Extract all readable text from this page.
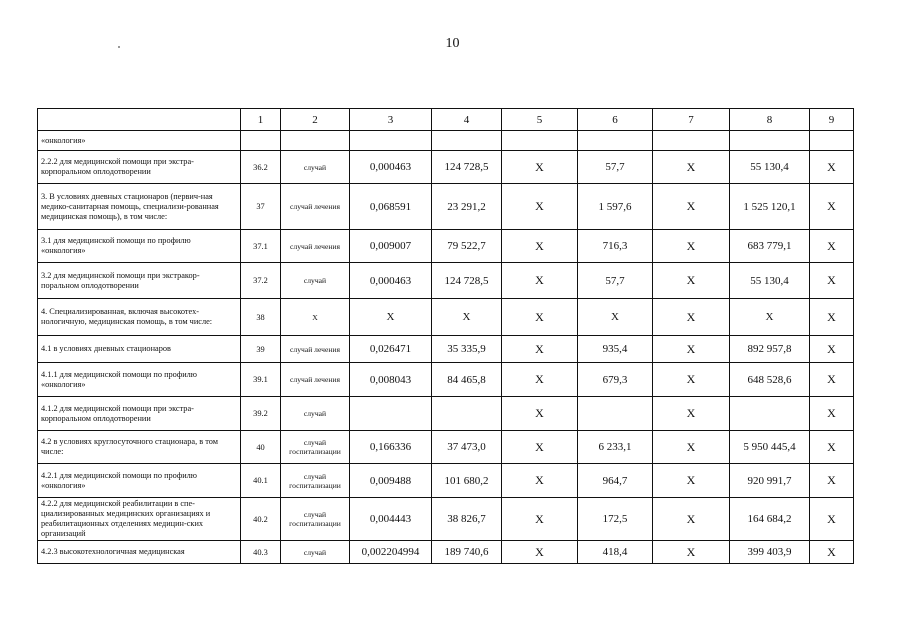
10
	1	2	3	4	5	6	7	8	9
«онкология»									
2.2.2 для медицинской помощи при экстра-корпоральном оплодотворении	36.2	случай	0,000463	124 728,5	X	57,7	X	55 130,4	X
3. В условиях дневных стационаров (первич-ная медико-санитарная помощь, специализи-рованная медицинская помощь), в том числе:	37	случай лечения	0,068591	23 291,2	X	1 597,6	X	1 525 120,1	X
3.1 для медицинской помощи по профилю «онкология»	37.1	случай лечения	0,009007	79 522,7	X	716,3	X	683 779,1	X
3.2 для медицинской помощи при экстракор-поральном оплодотворении	37.2	случай	0,000463	124 728,5	X	57,7	X	55 130,4	X
4. Специализированная, включая высокотех-нологичную, медицинская помощь, в том числе:	38	X	X	X	X	X	X	X	X
4.1 в условиях дневных стационаров	39	случай лечения	0,026471	35 335,9	X	935,4	X	892 957,8	X
4.1.1 для медицинской помощи по профилю «онкология»	39.1	случай лечения	0,008043	84 465,8	X	679,3	X	648 528,6	X
4.1.2 для медицинской помощи при экстра-корпоральном оплодотворении	39.2	случай			X		X		X
4.2 в условиях круглосуточного стационара, в том числе:	40	случай госпитализации	0,166336	37 473,0	X	6 233,1	X	5 950 445,4	X
4.2.1 для медицинской помощи по профилю «онкология»	40.1	случай госпитализации	0,009488	101 680,2	X	964,7	X	920 991,7	X
4.2.2 для медицинской реабилитации в спе-циализированных медицинских организациях и реабилитационных отделениях медицин-ских организаций	40.2	случай госпитализации	0,004443	38 826,7	X	172,5	X	164 684,2	X
4.2.3 высокотехнологичная медицинская	40.3	случай	0,002204994	189 740,6	X	418,4	X	399 403,9	X
